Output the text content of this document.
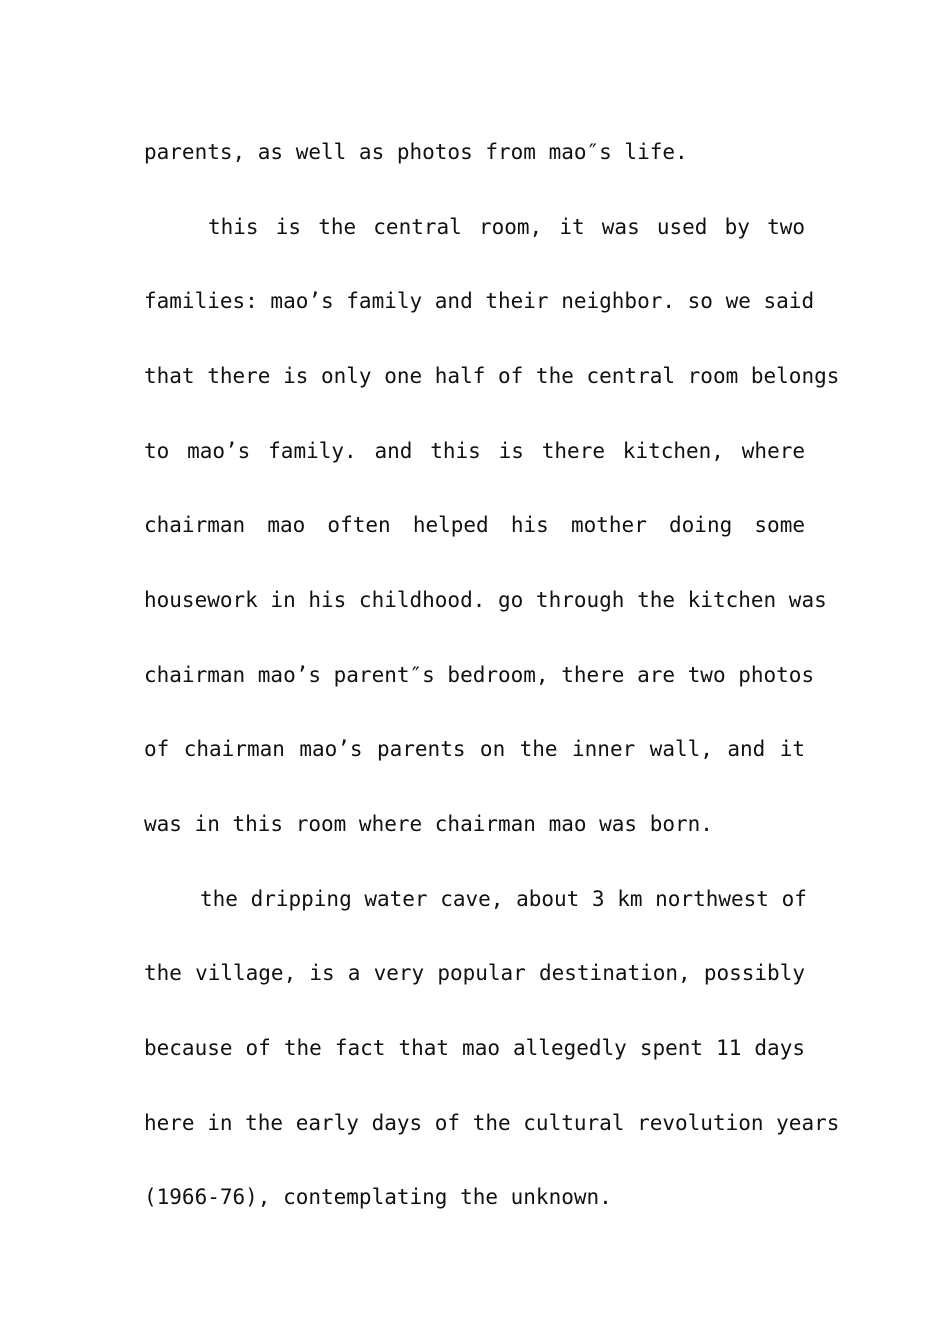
parents, as well as photos from mao″s life.
this is the central room, it was used by two
families: mao’s family and their neighbor. so we said
that there is only one half of the central room belongs
to mao’s family. and this is there kitchen, where
chairman mao often helped his mother doing some
housework in his childhood. go through the kitchen was
chairman mao’s parent″s bedroom, there are two photos
of chairman mao’s parents on the inner wall, and it
was in this room where chairman mao was born.
the dripping water cave, about 3 km northwest of
the village, is a very popular destination, possibly
because of the fact that mao allegedly spent 11 days
here in the early days of the cultural revolution years
(1966-76), contemplating the unknown.
